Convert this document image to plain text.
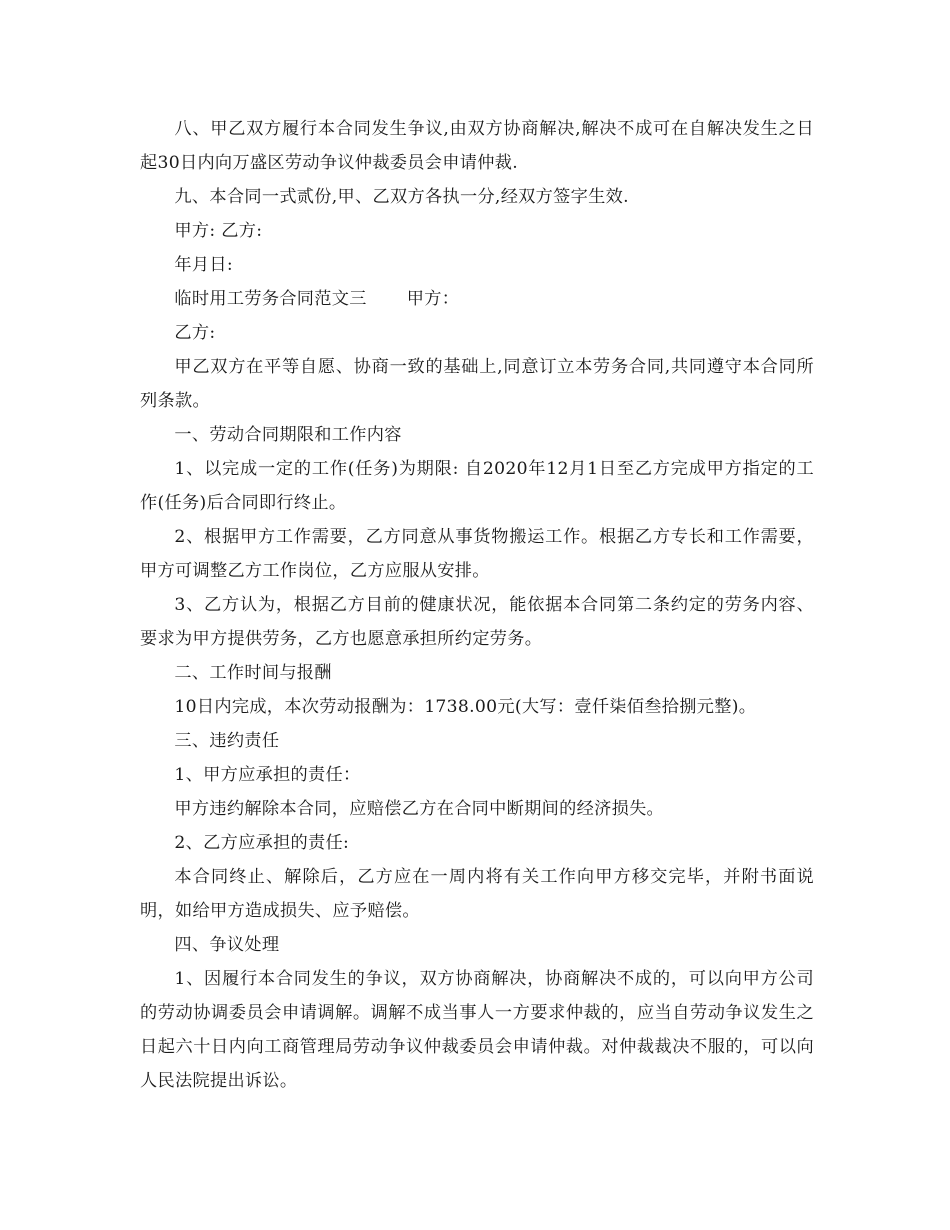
八、甲乙双方履行本合同发生争议,由双方协商解决,解决不成可在自解决发生之日起30日内向万盛区劳动争议仲裁委员会申请仲裁.

九、本合同一式贰份,甲、乙双方各执一分,经双方签字生效.

甲方: 乙方:

年月日:

临时用工劳务合同范文三 甲方：

乙方:

甲乙双方在平等自愿、协商一致的基础上,同意订立本劳务合同,共同遵守本合同所列条款。

一、劳动合同期限和工作内容

1、以完成一定的工作(任务)为期限: 自2020年12月1日至乙方完成甲方指定的工作(任务)后合同即行终止。

2、根据甲方工作需要，乙方同意从事货物搬运工作。根据乙方专长和工作需要，甲方可调整乙方工作岗位，乙方应服从安排。

3、乙方认为，根据乙方目前的健康状况，能依据本合同第二条约定的劳务内容、要求为甲方提供劳务，乙方也愿意承担所约定劳务。

二、工作时间与报酬

10日内完成，本次劳动报酬为：1738.00元(大写：壹仟柒佰叁拾捌元整)。

三、违约责任

1、甲方应承担的责任：

甲方违约解除本合同，应赔偿乙方在合同中断期间的经济损失。

2、乙方应承担的责任:

本合同终止、解除后，乙方应在一周内将有关工作向甲方移交完毕，并附书面说明，如给甲方造成损失、应予赔偿。

四、争议处理

1、因履行本合同发生的争议，双方协商解决，协商解决不成的，可以向甲方公司的劳动协调委员会申请调解。调解不成当事人一方要求仲裁的，应当自劳动争议发生之日起六十日内向工商管理局劳动争议仲裁委员会申请仲裁。对仲裁裁决不服的，可以向人民法院提出诉讼。
